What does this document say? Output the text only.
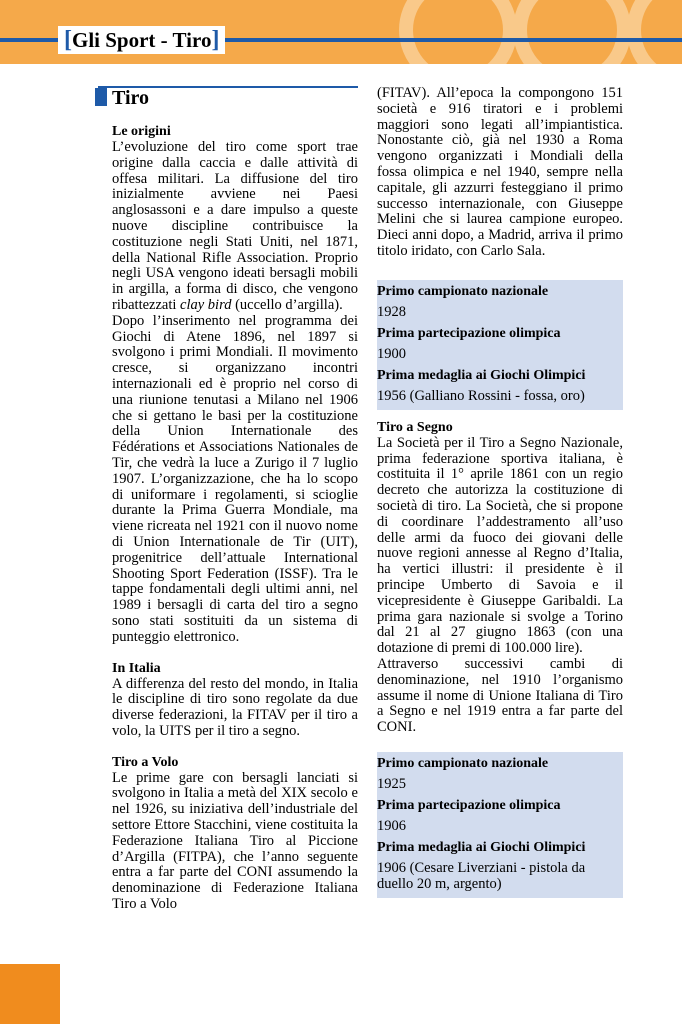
[ Gli Sport - Tiro ]
Tiro
Le origini

L’evoluzione del tiro come sport trae origine dalla caccia e dalle attività di offesa militari. La diffusione del tiro inizialmente avviene nei Paesi anglosassoni e a dare impulso a queste nuove discipline contribuisce la costituzione negli Stati Uniti, nel 1871, della National Rifle Association. Proprio negli USA vengono ideati bersagli mobili in argilla, a forma di disco, che vengono ribattezzati clay bird (uccello d’argilla).

Dopo l’inserimento nel programma dei Giochi di Atene 1896, nel 1897 si svolgono i primi Mondiali. Il movimento cresce, si organizzano incontri internazionali ed è proprio nel corso di una riunione tenutasi a Milano nel 1906 che si gettano le basi per la costituzione della Union Internationale des Fédérations et Associations Nationales de Tir, che vedrà la luce a Zurigo il 7 luglio 1907. L’organizzazione, che ha lo scopo di uniformare i regolamenti, si scioglie durante la Prima Guerra Mondiale, ma viene ricreata nel 1921 con il nuovo nome di Union Internationale de Tir (UIT), progenitrice dell’attuale International Shooting Sport Federation (ISSF). Tra le tappe fondamentali degli ultimi anni, nel 1989 i bersagli di carta del tiro a segno sono stati sostituiti da un sistema di punteggio elettronico.

In Italia

A differenza del resto del mondo, in Italia le discipline di tiro sono regolate da due diverse federazioni, la FITAV per il tiro a volo, la UITS per il tiro a segno.

Tiro a Volo

Le prime gare con bersagli lanciati si svolgono in Italia a metà del XIX secolo e nel 1926, su iniziativa dell’industriale del settore Ettore Stacchini, viene costituita la Federazione Italiana Tiro al Piccione d’Argilla (FITPA), che l’anno seguente entra a far parte del CONI assumendo la denominazione di Federazione Italiana Tiro a Volo

(FITAV). All’epoca la compongono 151 società e 916 tiratori e i problemi maggiori sono legati all’impiantistica. Nonostante ciò, già nel 1930 a Roma vengono organizzati i Mondiali della fossa olimpica e nel 1940, sempre nella capitale, gli azzurri festeggiano il primo successo internazionale, con Giuseppe Melini che si laurea campione europeo. Dieci anni dopo, a Madrid, arriva il primo titolo iridato, con Carlo Sala.

Primo campionato nazionale
1928
Prima partecipazione olimpica
1900
Prima medaglia ai Giochi Olimpici
1956 (Galliano Rossini - fossa, oro)
Tiro a Segno

La Società per il Tiro a Segno Nazionale, prima federazione sportiva italiana, è costituita il 1° aprile 1861 con un regio decreto che autorizza la costituzione di società di tiro. La Società, che si propone di coordinare l’addestramento all’uso delle armi da fuoco dei giovani delle nuove regioni annesse al Regno d’Italia, ha vertici illustri: il presidente è il principe Umberto di Savoia e il vicepresidente è Giuseppe Garibaldi. La prima gara nazionale si svolge a Torino dal 21 al 27 giugno 1863 (con una dotazione di premi di 100.000 lire).

Attraverso successivi cambi di denominazione, nel 1910 l’organismo assume il nome di Unione Italiana di Tiro a Segno e nel 1919 entra a far parte del CONI.

Primo campionato nazionale
1925
Prima partecipazione olimpica
1906
Prima medaglia ai Giochi Olimpici
1906 (Cesare Liverziani - pistola da duello 20 m, argento)
